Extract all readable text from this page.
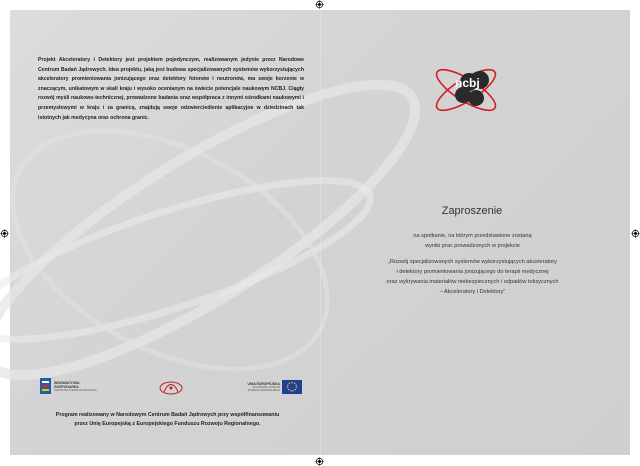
Projekt Akceleratory i Detektory jest projektem pojedynczym, realizowanym jedynie przez Narodowe Centrum Badań Jądrowych. Idea projektu, jaką jest budowa specjalizowanych systemów wykorzystujących akceleratory promieniowania jonizującego oraz detektory fotonów i neutronów, ma swoje korzenie w znaczącym, unikatowym w skali kraju i wysoko ocenianym na świecie potencjale naukowym NCBJ. Ciągły rozwój myśli naukowo-technicznej, prowadzone badania oraz współpraca z innymi ośrodkami naukowymi i przemysłowymi w kraju i za granicą, znajdują swoje odzwierciedlenie aplikacyjne w dziedzinach tak istotnych jak medycyna oraz ochrona granic.

INNOWACYJNA
GOSPODARKA
NARODOWA STRATEGIA SPÓJNOŚCI
UNIA EUROPEJSKA
EUROPEJSKI FUNDUSZ
ROZWOJU REGIONALNEGO
Program realizowany w Narodowym Centrum Badań Jądrowych przy współfinansowaniu
przez Unię Europejską z Europejskiego Funduszu Rozwoju Regionalnego.
ncbj
Zaproszenie

na spotkanie, na którym przedstawione zostaną

wyniki prac prowadzonych w projekcie

„Rozwój specjalizowanych systemów wykorzystujących akceleratory

i detektory promieniowania jonizującego do terapii medycznej

oraz wykrywania materiałów niebezpiecznych i odpadów toksycznych

– Akceleratory i Detektory”
